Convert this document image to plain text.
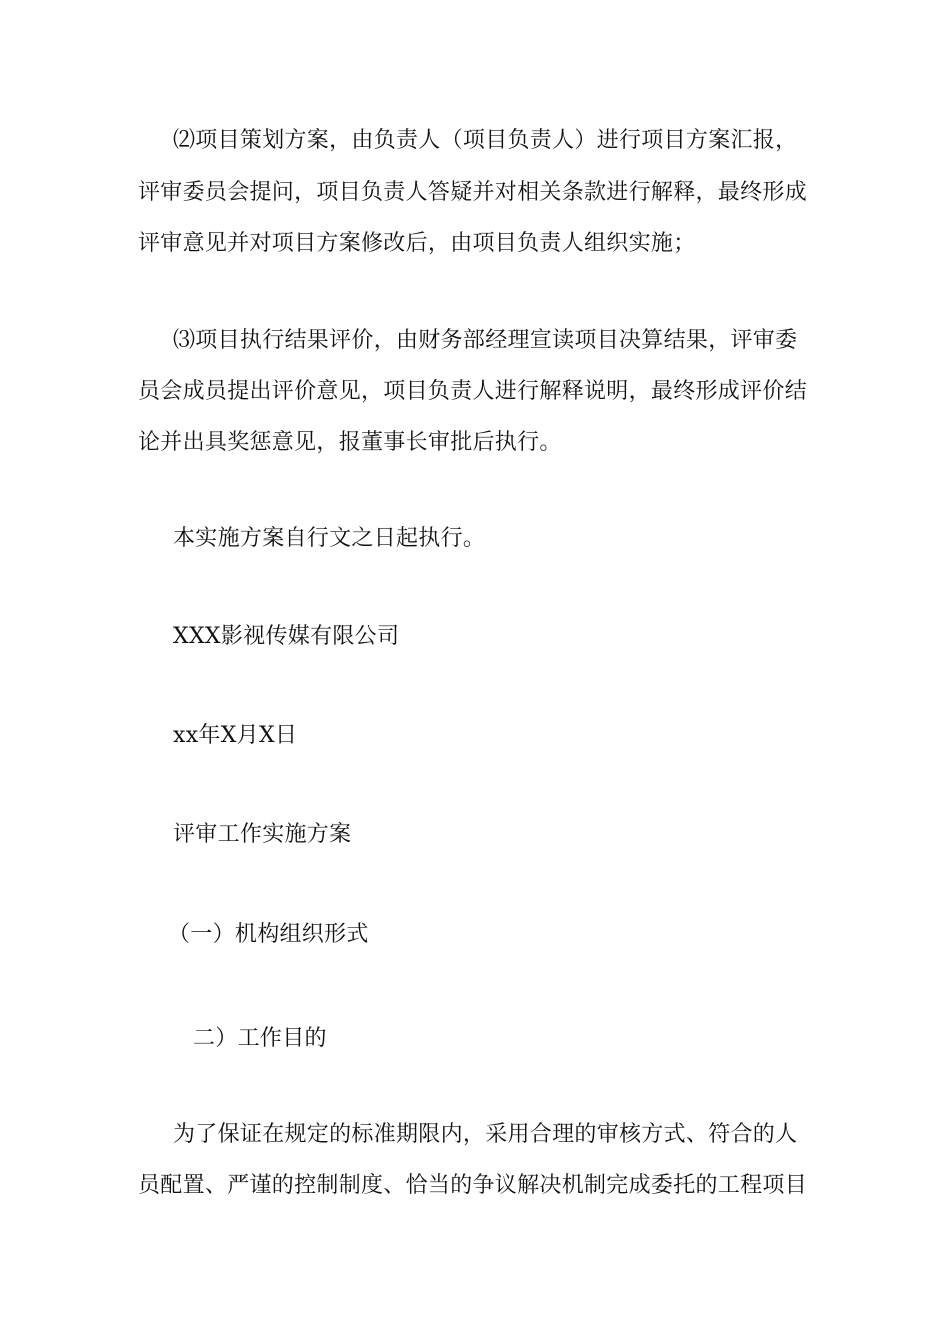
⑵项目策划方案，由负责人（项目负责人）进行项目方案汇报，
评审委员会提问，项目负责人答疑并对相关条款进行解释，最终形成
评审意见并对项目方案修改后，由项目负责人组织实施；
⑶项目执行结果评价，由财务部经理宣读项目决算结果，评审委
员会成员提出评价意见，项目负责人进行解释说明，最终形成评价结
论并出具奖惩意见，报董事长审批后执行。
本实施方案自行文之日起执行。
XXX影视传媒有限公司
xx年X月X日
评审工作实施方案
（一）机构组织形式
二）工作目的
为了保证在规定的标准期限内，采用合理的审核方式、符合的人
员配置、严谨的控制制度、恰当的争议解决机制完成委托的工程项目
